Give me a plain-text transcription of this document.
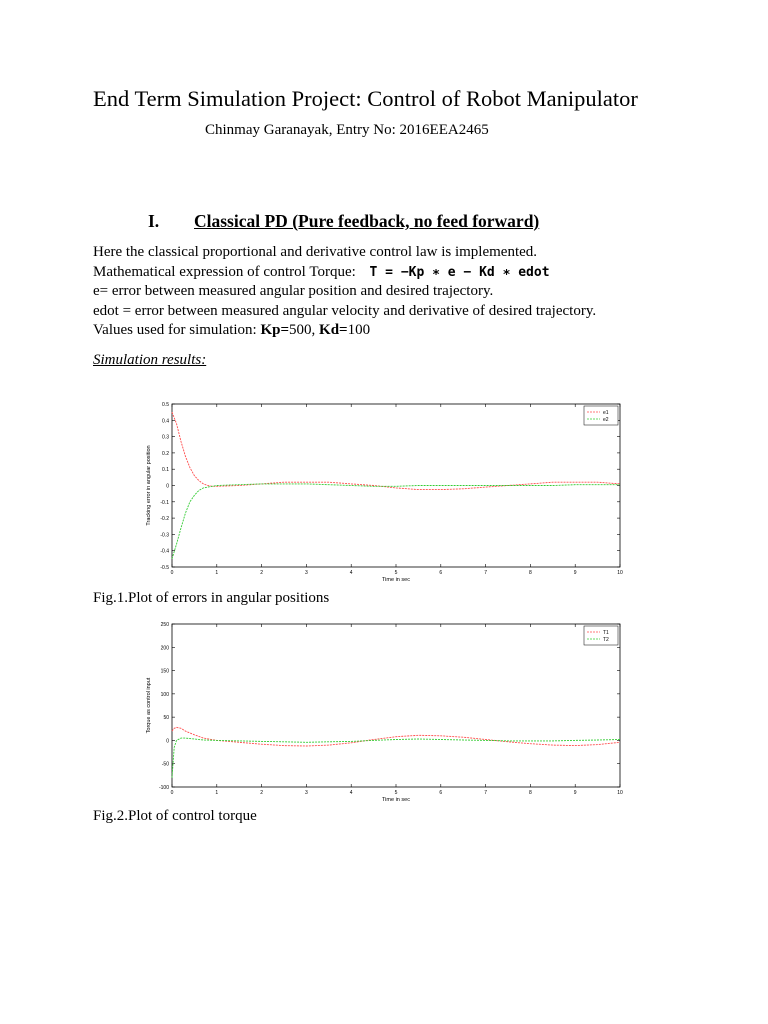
End Term Simulation Project: Control of Robot Manipulator
Chinmay Garanayak, Entry No: 2016EEA2465
I. Classical PD (Pure feedback, no feed forward)
Here the classical proportional and derivative control law is implemented.
Mathematical expression of control Torque: T = −Kp ∗ e − Kd ∗ edot
e= error between measured angular position and desired trajectory.
edot = error between measured angular velocity and derivative of desired trajectory.
Values used for simulation: Kp=500, Kd=100
Simulation results:
0	1	2	3	4	5	6	7	8	9	10
-0.5
-0.4
-0.3
-0.2
-0.1
0
0.1
0.2
0.3
0.4
0.5
Time in sec
Tracking error in angular position
e1
e2
Fig.1.Plot of errors in angular positions
0	1	2	3	4	5	6	7	8	9	10
-100
-50
0
50
100
150
200
250
Time in sec
Torque as control input
T1
T2
Fig.2.Plot of control torque
